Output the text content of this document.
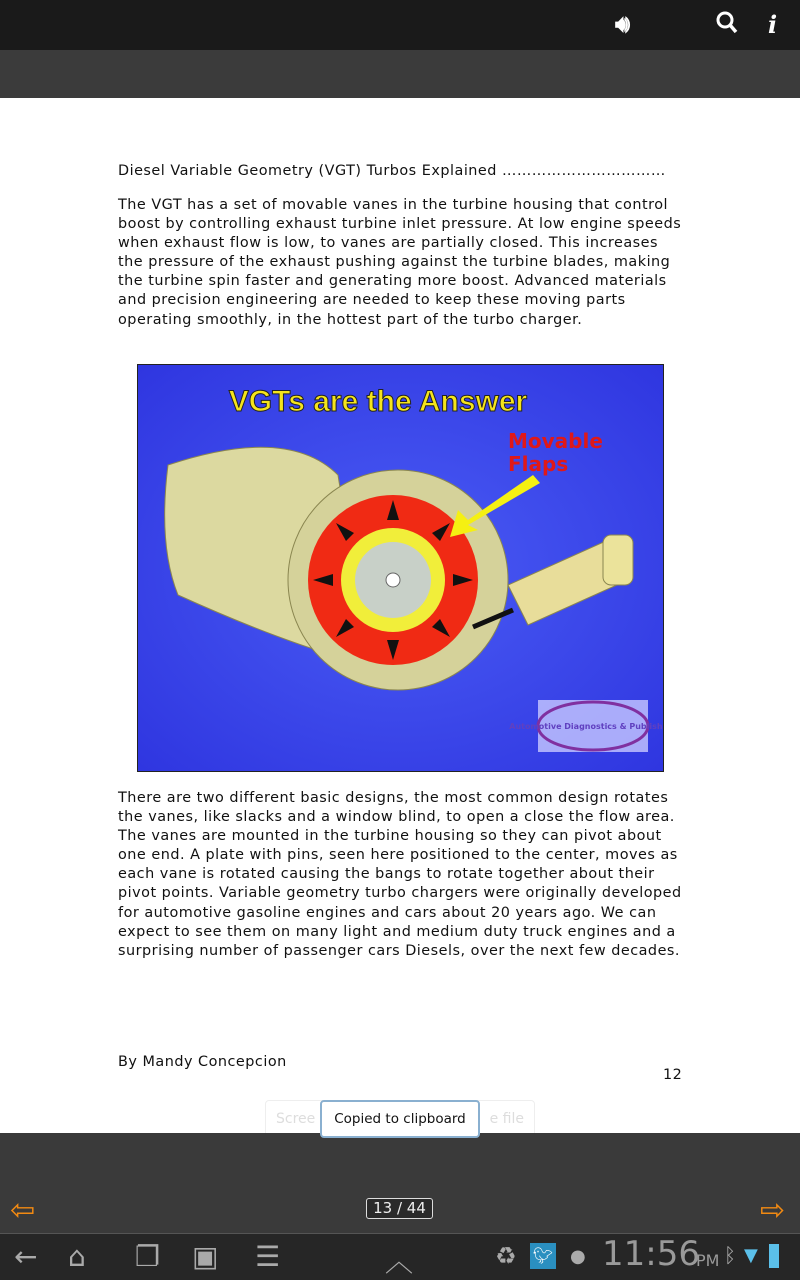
🔊︎	i
Diesel Variable Geometry (VGT) Turbos Explained ……………………………
The VGT has a set of movable vanes in the turbine housing that control boost by controlling exhaust turbine inlet pressure. At low engine speeds when exhaust flow is low, to vanes are partially closed. This increases the pressure of the exhaust pushing against the turbine blades, making the turbine spin faster and generating more boost. Advanced materials and precision engineering are needed to keep these moving parts operating smoothly, in the hottest part of the turbo charger.
VGTs are the Answer
Movable
Flaps
Automotive Diagnostics & Publishing
There are two different basic designs, the most common design rotates the vanes, like slacks and a window blind, to open a close the flow area. The vanes are mounted in the turbine housing so they can pivot about one end. A plate with pins, seen here positioned to the center, moves as each vane is rotated causing the bangs to rotate together about their pivot points. Variable geometry turbo chargers were originally developed for automotive gasoline engines and cars about 20 years ago. We can expect to see them on many light and medium duty truck engines and a surprising number of passenger cars Diesels, over the next few decades.
By Mandy Concepcion
12
Scree	e file
Copied to clipboard
⇦	13 / 44	⇨
← ⌂ ❐ ▣ ☰	︿	♻ 🐦︎ ● 11:56
PM ᛒ ▼
